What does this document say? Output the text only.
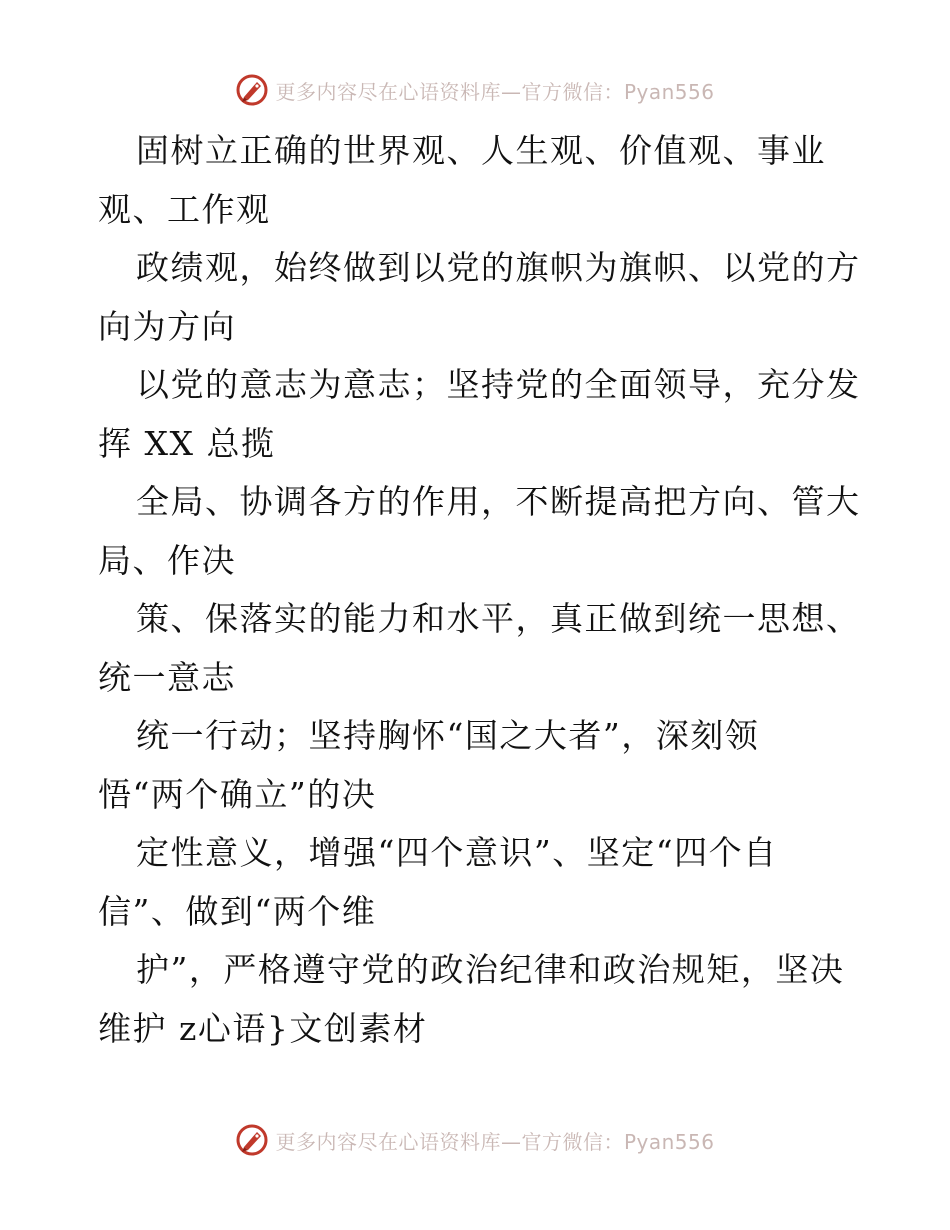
更多内容尽在心语资料库—官方微信：Pyan556
固树立正确的世界观、人生观、价值观、事业
观、工作观
政绩观，始终做到以党的旗帜为旗帜、以党的方
向为方向
以党的意志为意志；坚持党的全面领导，充分发
挥 XX 总揽
全局、协调各方的作用，不断提高把方向、管大
局、作决
策、保落实的能力和水平，真正做到统一思想、
统一意志
统一行动；坚持胸怀“国之大者”，深刻领
悟“两个确立”的决
定性意义，增强“四个意识”、坚定“四个自
信”、做到“两个维
护”，严格遵守党的政治纪律和政治规矩，坚决
维护 z心语}文创素材
更多内容尽在心语资料库—官方微信：Pyan556
